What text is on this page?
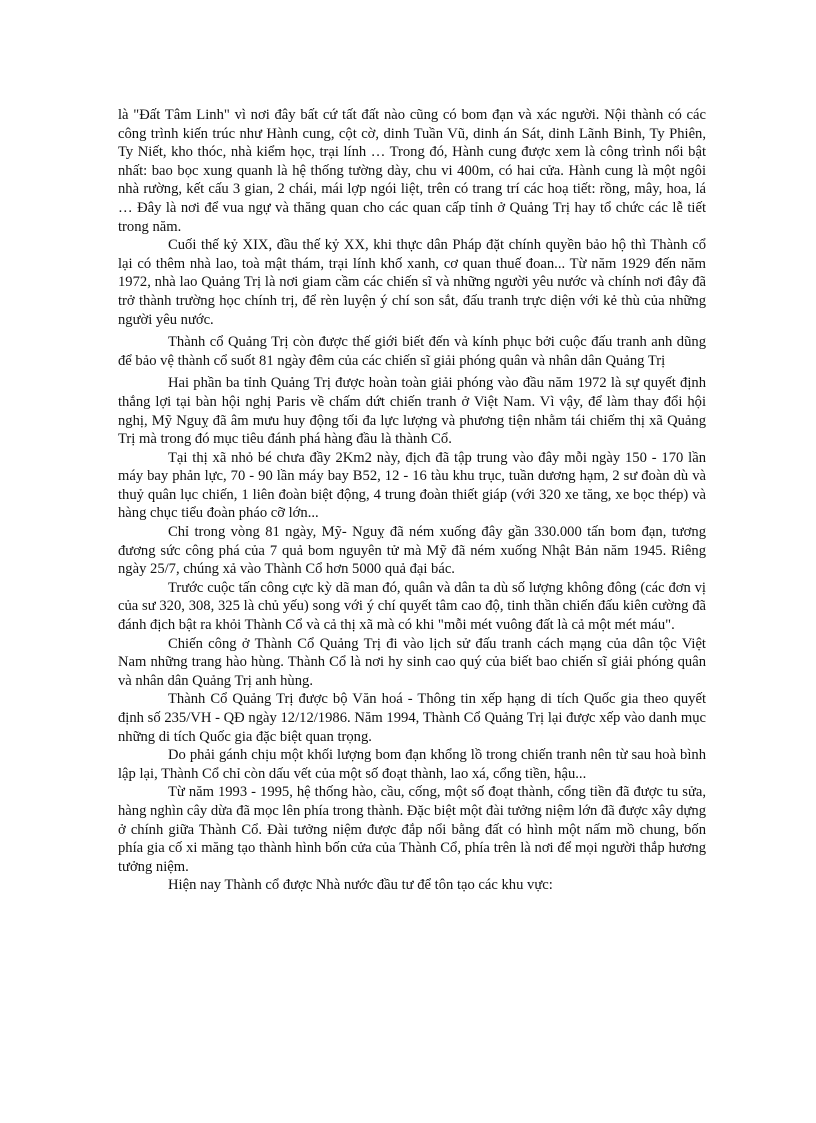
là "Đất Tâm Linh" vì nơi đây bất cứ tất đất nào cũng có bom đạn và xác người. Nội thành có các công trình kiến trúc như Hành cung, cột cờ, dinh Tuần Vũ, dinh án Sát, dinh Lãnh Binh, Ty Phiên, Ty Niết, kho thóc, nhà kiểm học, trại lính … Trong đó, Hành cung được xem là công trình nổi bật nhất: bao bọc xung quanh là hệ thống tường dày, chu vi 400m, có hai cửa. Hành cung là một ngôi nhà rường, kết cấu 3 gian, 2 chái, mái lợp ngói liệt, trên có trang trí các hoạ tiết: rồng, mây, hoa, lá … Đây là nơi để vua ngự và thăng quan cho các quan cấp tỉnh ở Quảng Trị hay tổ chức các lễ tiết trong năm.

Cuối thế kỷ XIX, đầu thế kỷ XX, khi thực dân Pháp đặt chính quyền bảo hộ thì Thành cổ lại có thêm nhà lao, toà mật thám, trại lính khố xanh, cơ quan thuế đoan... Từ năm 1929 đến năm 1972, nhà lao Quảng Trị là nơi giam cầm các chiến sĩ và những người yêu nước và chính nơi đây đã trở thành trường học chính trị, để rèn luyện ý chí son sắt, đấu tranh trực diện với kẻ thù của những người yêu nước.

Thành cổ Quảng Trị còn được thế giới biết đến và kính phục bởi cuộc đấu tranh anh dũng để bảo vệ thành cổ suốt 81 ngày đêm của các chiến sĩ giải phóng quân và nhân dân Quảng Trị

Hai phần ba tỉnh Quảng Trị được hoàn toàn giải phóng vào đầu năm 1972 là sự quyết định thắng lợi tại bàn hội nghị Paris về chấm dứt chiến tranh ở Việt Nam. Vì vậy, để làm thay đổi hội nghị, Mỹ Nguỵ đã âm mưu huy động tối đa lực lượng và phương tiện nhằm tái chiếm thị xã Quảng Trị mà trong đó mục tiêu đánh phá hàng đầu là thành Cổ.

Tại thị xã nhỏ bé chưa đầy 2Km2 này, địch đã tập trung vào đây mỗi ngày 150 - 170 lần máy bay phản lực, 70 - 90 lần máy bay B52, 12 - 16 tàu khu trục, tuần dương hạm, 2 sư đoàn dù và thuỷ quân lục chiến, 1 liên đoàn biệt động, 4 trung đoàn thiết giáp (với 320 xe tăng, xe bọc thép) và hàng chục tiểu đoàn pháo cỡ lớn...

Chỉ trong vòng 81 ngày, Mỹ- Nguỵ đã ném xuống đây gần 330.000 tấn bom đạn, tương đương sức công phá của 7 quả bom nguyên tử mà Mỹ đã ném xuống Nhật Bản năm 1945. Riêng ngày 25/7, chúng xả vào Thành Cổ hơn 5000 quả đại bác.

Trước cuộc tấn công cực kỳ dã man đó, quân và dân ta dù số lượng không đông (các đơn vị của sư 320, 308, 325 là chủ yếu) song với ý chí quyết tâm cao độ, tinh thần chiến đấu kiên cường đã đánh địch bật ra khỏi Thành Cổ và cả thị xã mà có khi "mỗi mét vuông đất là cả một mét máu".

Chiến công ở Thành Cổ Quảng Trị đi vào lịch sử đấu tranh cách mạng của dân tộc Việt Nam những trang hào hùng. Thành Cổ là nơi hy sinh cao quý của biết bao chiến sĩ giải phóng quân và nhân dân Quảng Trị anh hùng.

Thành Cổ Quảng Trị được bộ Văn hoá - Thông tin xếp hạng di tích Quốc gia theo quyết định số 235/VH - QĐ ngày 12/12/1986. Năm 1994, Thành Cổ Quảng Trị lại được xếp vào danh mục những di tích Quốc gia đặc biệt quan trọng.

Do phải gánh chịu một khối lượng bom đạn khổng lồ trong chiến tranh nên từ sau hoà bình lập lại, Thành Cổ chỉ còn dấu vết của một số đoạt thành, lao xá, cổng tiền, hậu...

Từ năm 1993 - 1995, hệ thống hào, cầu, cống, một số đoạt thành, cổng tiền đã được tu sửa, hàng nghìn cây dừa đã mọc lên phía trong thành. Đặc biệt một đài tưởng niệm lớn đã được xây dựng ở chính giữa Thành Cổ. Đài tưởng niệm được đắp nổi bằng đất có hình một nấm mồ chung, bốn phía gia cố xi măng tạo thành hình bốn cửa của Thành Cổ, phía trên là nơi để mọi người thắp hương tưởng niệm.

Hiện nay Thành cổ được Nhà nước đầu tư để tôn tạo các khu vực:
